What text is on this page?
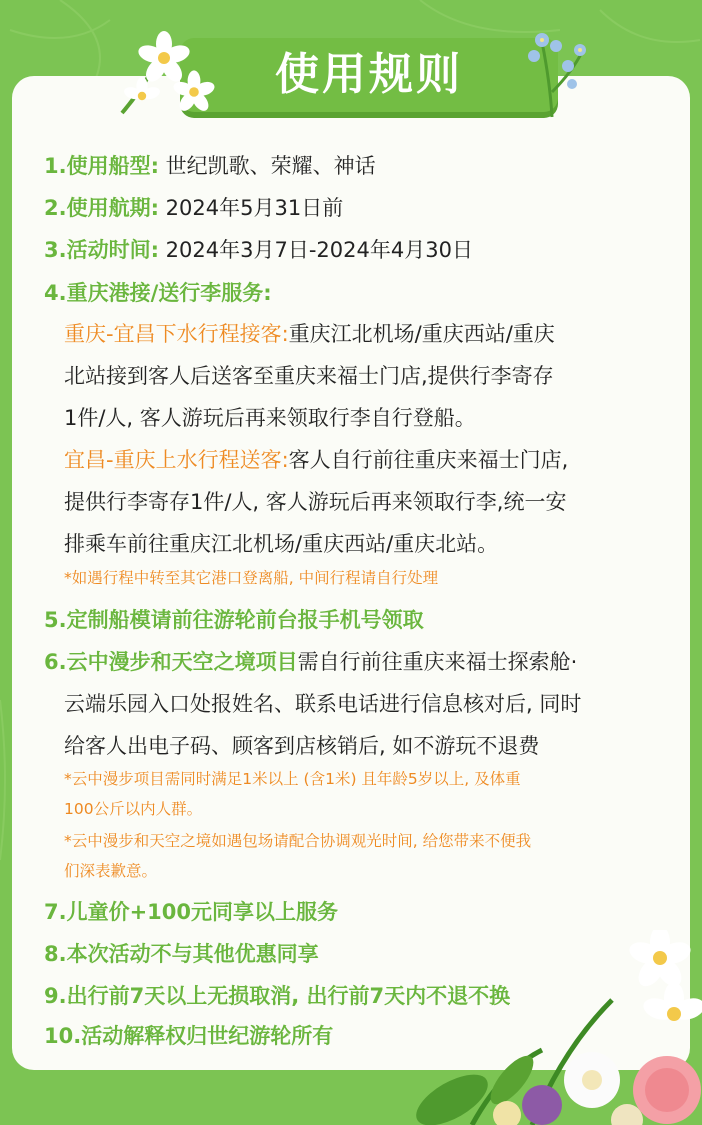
使用规则
1.使用船型: 世纪凯歌、荣耀、神话
2.使用航期: 2024年5月31日前
3.活动时间: 2024年3月7日-2024年4月30日
4.重庆港接/送行李服务:
重庆-宜昌下水行程接客:重庆江北机场/重庆西站/重庆
北站接到客人后送客至重庆来福士门店,提供行李寄存
1件/人, 客人游玩后再来领取行李自行登船。
宜昌-重庆上水行程送客:客人自行前往重庆来福士门店,
提供行李寄存1件/人, 客人游玩后再来领取行李,统一安
排乘车前往重庆江北机场/重庆西站/重庆北站。
*如遇行程中转至其它港口登离船, 中间行程请自行处理
5.定制船模请前往游轮前台报手机号领取
6.云中漫步和天空之境项目需自行前往重庆来福士探索舱·
云端乐园入口处报姓名、联系电话进行信息核对后, 同时
给客人出电子码、顾客到店核销后, 如不游玩不退费
*云中漫步项目需同时满足1米以上 (含1米) 且年龄5岁以上, 及体重
100公斤以内人群。
*云中漫步和天空之境如遇包场请配合协调观光时间, 给您带来不便我
们深表歉意。
7.儿童价+100元同享以上服务
8.本次活动不与其他优惠同享
9.出行前7天以上无损取消, 出行前7天内不退不换
10.活动解释权归世纪游轮所有
